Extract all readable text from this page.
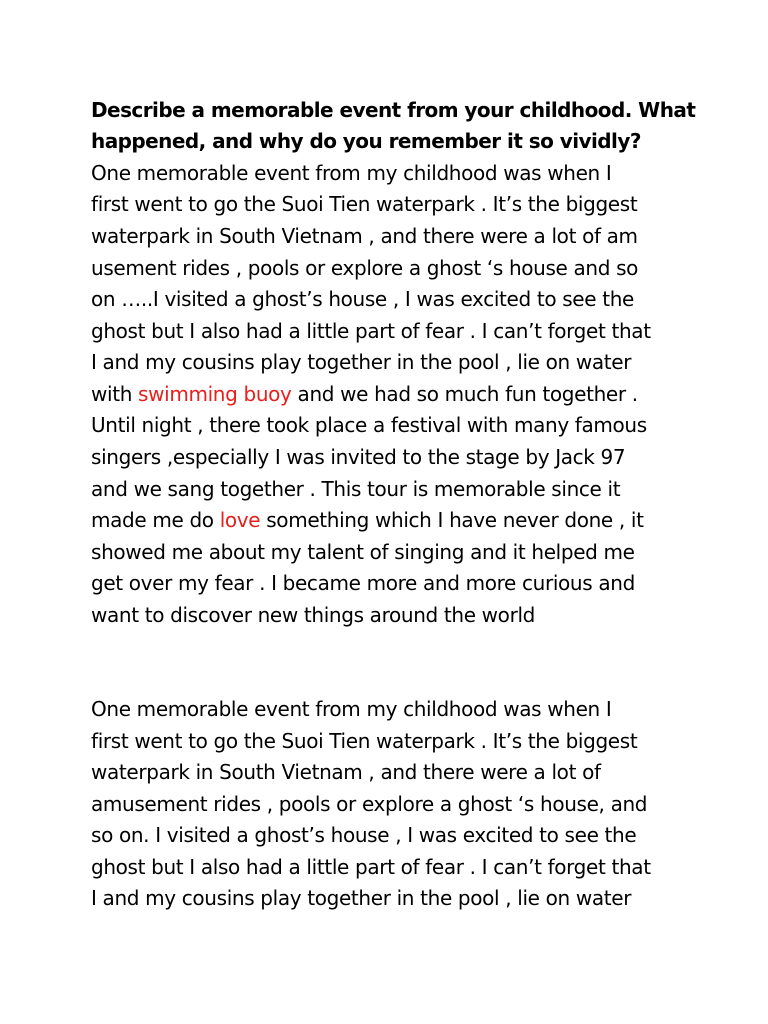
Describe a memorable event from your childhood. What
happened, and why do you remember it so vividly?
One memorable event from my childhood was when I
first went to go the Suoi Tien waterpark . It’s the biggest
waterpark in South Vietnam , and there were a lot of am
usement rides , pools or explore a ghost ‘s house and so
on …..I visited a ghost’s house , I was excited to see the
ghost but I also had a little part of fear . I can’t forget that
I and my cousins play together in the pool , lie on water
with swimming buoy and we had so much fun together .
Until night , there took place a festival with many famous
singers ,especially I was invited to the stage by Jack 97
and we sang together . This tour is memorable since it
made me do love something which I have never done , it
showed me about my talent of singing and it helped me
get over my fear . I became more and more curious and
want to discover new things around the world
One memorable event from my childhood was when I
first went to go the Suoi Tien waterpark . It’s the biggest
waterpark in South Vietnam , and there were a lot of
amusement rides , pools or explore a ghost ‘s house, and
so on. I visited a ghost’s house , I was excited to see the
ghost but I also had a little part of fear . I can’t forget that
I and my cousins play together in the pool , lie on water
